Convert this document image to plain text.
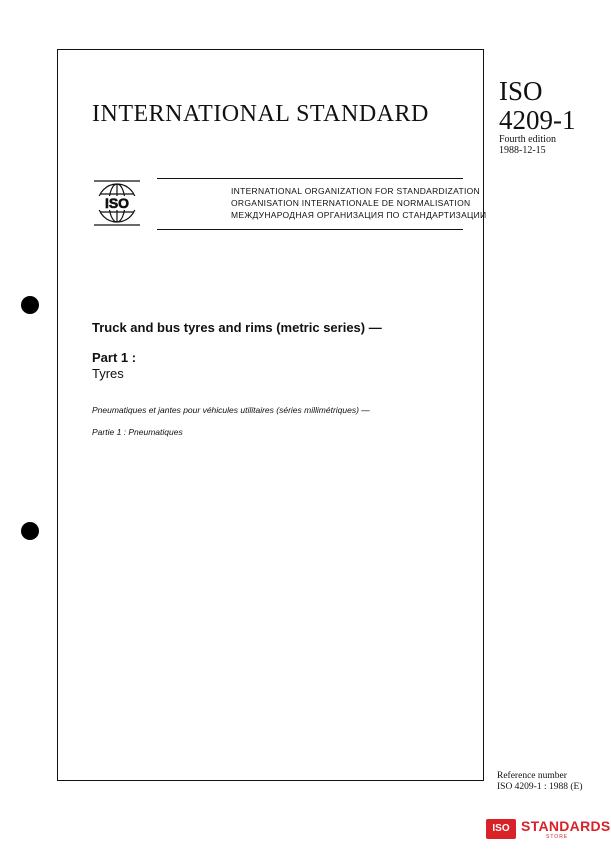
INTERNATIONAL STANDARD
ISO
4209-1
Fourth edition
1988-12-15
ISO
INTERNATIONAL ORGANIZATION FOR STANDARDIZATION
ORGANISATION INTERNATIONALE DE NORMALISATION
МЕЖДУНАРОДНАЯ ОРГАНИЗАЦИЯ ПО СТАНДАРТИЗАЦИИ
Truck and bus tyres and rims (metric series) —
Part 1 :
Tyres
Pneumatiques et jantes pour véhicules utilitaires (séries millimétriques) —
Partie 1 : Pneumatiques
Reference number
ISO 4209-1 : 1988 (E)
ISO STANDARDS
STORE
